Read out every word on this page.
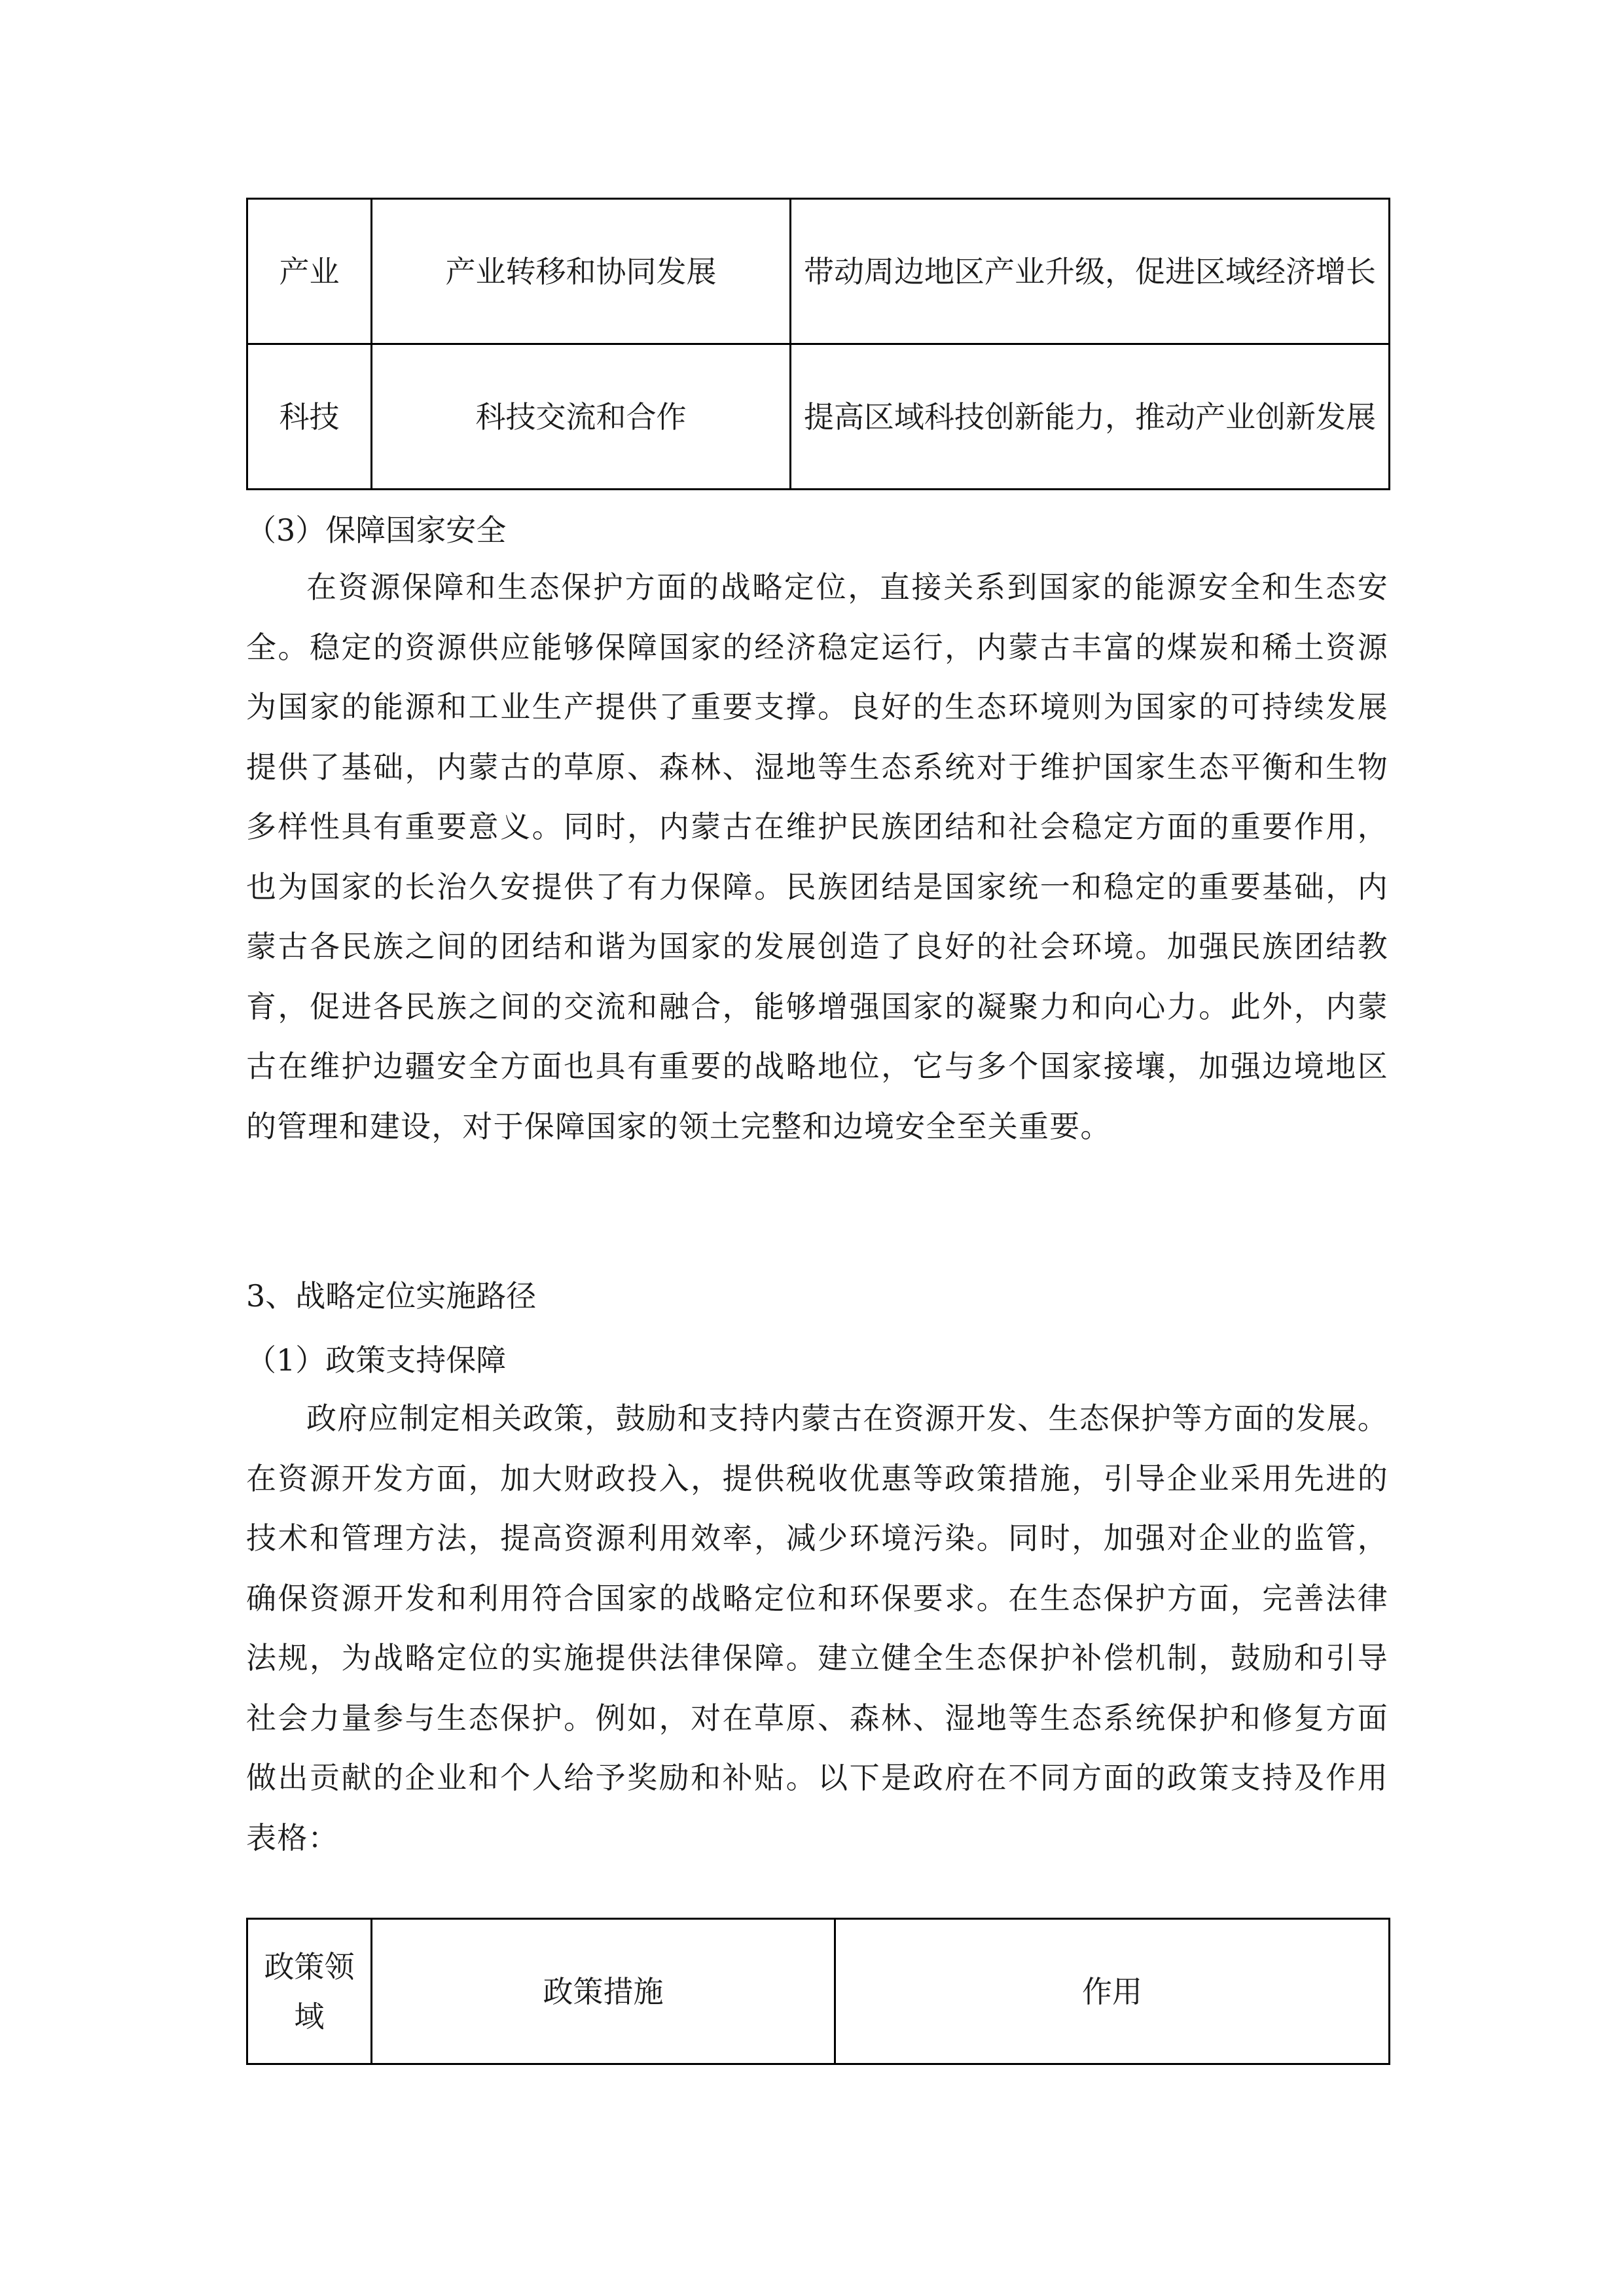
产业	产业转移和协同发展	带动周边地区产业升级，促进区域经济增长
科技	科技交流和合作	提高区域科技创新能力，推动产业创新发展
（3）保障国家安全
在资源保障和生态保护方面的战略定位，直接关系到国家的能源安全和生态安全。稳定的资源供应能够保障国家的经济稳定运行，内蒙古丰富的煤炭和稀土资源为国家的能源和工业生产提供了重要支撑。良好的生态环境则为国家的可持续发展提供了基础，内蒙古的草原、森林、湿地等生态系统对于维护国家生态平衡和生物多样性具有重要意义。同时，内蒙古在维护民族团结和社会稳定方面的重要作用，也为国家的长治久安提供了有力保障。民族团结是国家统一和稳定的重要基础，内蒙古各民族之间的团结和谐为国家的发展创造了良好的社会环境。加强民族团结教育，促进各民族之间的交流和融合，能够增强国家的凝聚力和向心力。此外，内蒙古在维护边疆安全方面也具有重要的战略地位，它与多个国家接壤，加强边境地区的管理和建设，对于保障国家的领土完整和边境安全至关重要。
3、战略定位实施路径
（1）政策支持保障
政府应制定相关政策，鼓励和支持内蒙古在资源开发、生态保护等方面的发展。在资源开发方面，加大财政投入，提供税收优惠等政策措施，引导企业采用先进的技术和管理方法，提高资源利用效率，减少环境污染。同时，加强对企业的监管，确保资源开发和利用符合国家的战略定位和环保要求。在生态保护方面，完善法律法规，为战略定位的实施提供法律保障。建立健全生态保护补偿机制，鼓励和引导社会力量参与生态保护。例如，对在草原、森林、湿地等生态系统保护和修复方面做出贡献的企业和个人给予奖励和补贴。以下是政府在不同方面的政策支持及作用表格：
政策领域	政策措施	作用
